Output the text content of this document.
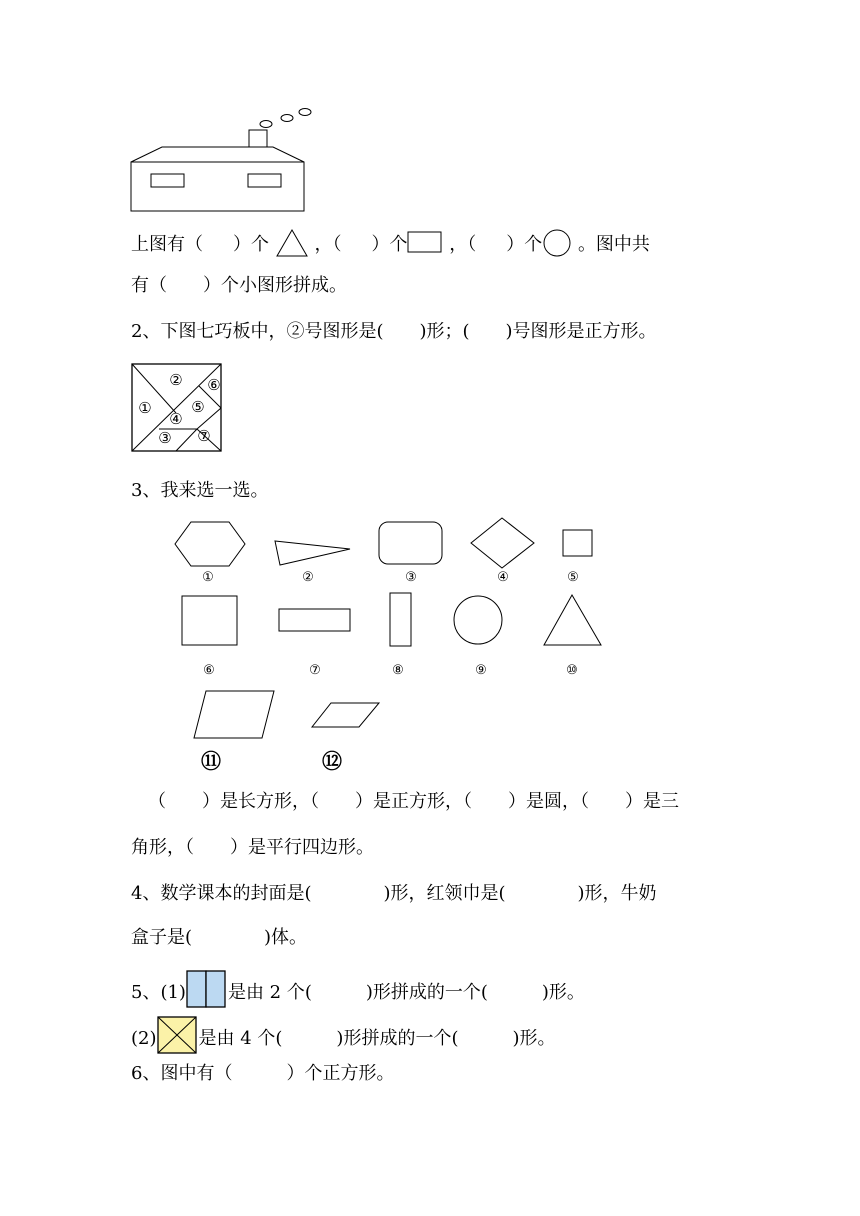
上图有（ ）个	，（ ）个 ，（ ）个 。图中共
有（　　）个小图形拼成。
2、下图七巧板中，②号图形是(　　)形；(　　)号图形是正方形。
② ⑥
①	⑤
④
③ ⑦
3、我来选一选。
①	②	③	④	⑤
⑥	⑦	⑧	⑨	⑩
⑪	⑫
（　　）是长方形，（　　）是正方形，（　　）是圆，（　　）是三
角形，（　　）是平行四边形。
4、数学课本的封面是(　　　　)形，红领巾是(　　　　)形，牛奶
盒子是(　　　　)体。
5、(1) 是由 2 个(　　　)形拼成的一个(　　　)形。
(2) 是由 4 个(　　　)形拼成的一个(　　　)形。
6、图中有（　　　）个正方形。
